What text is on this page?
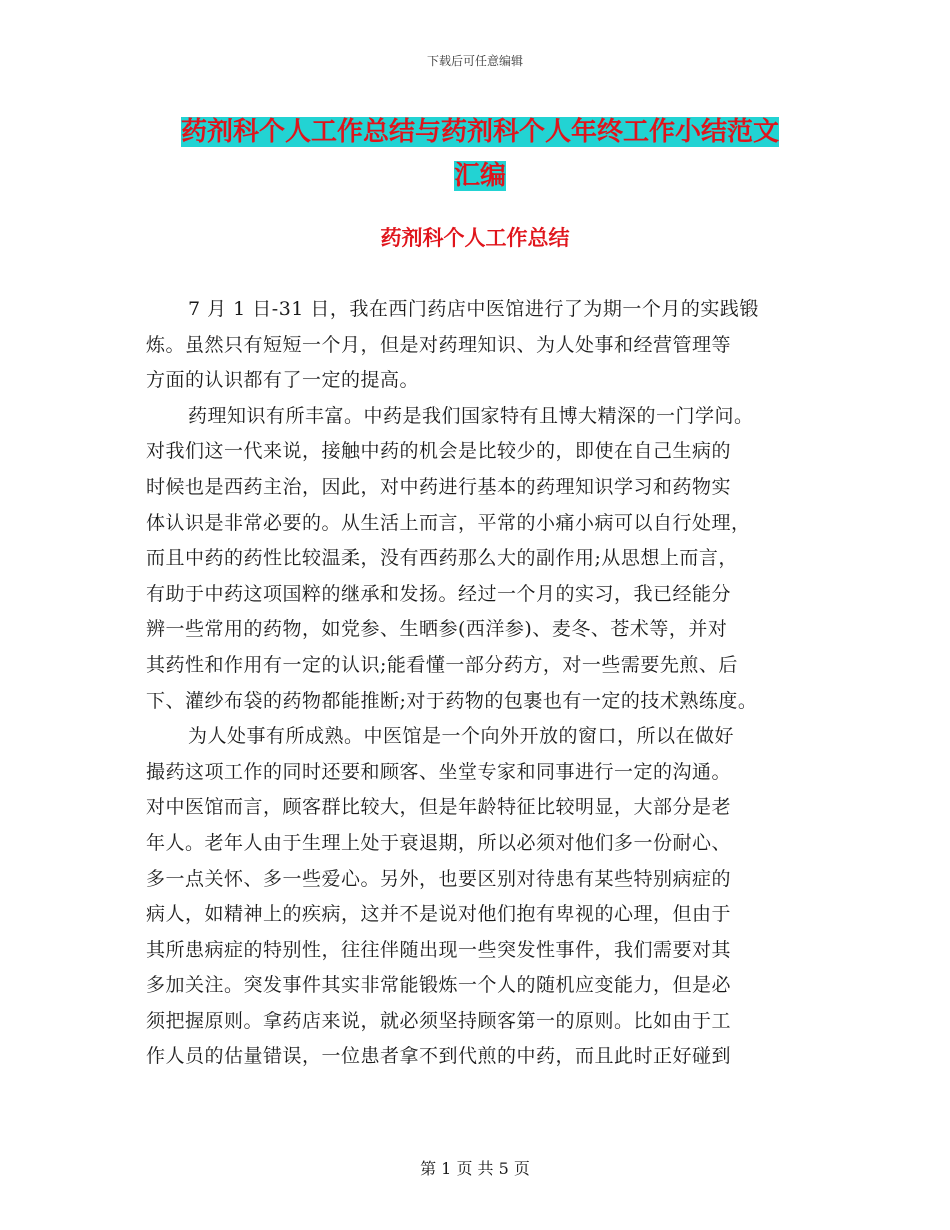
下载后可任意编辑
药剂科个人工作总结与药剂科个人年终工作小结范文
汇编
药剂科个人工作总结
7 月 1 日-31 日，我在西门药店中医馆进行了为期一个月的实践锻
炼。虽然只有短短一个月，但是对药理知识、为人处事和经营管理等
方面的认识都有了一定的提高。
药理知识有所丰富。中药是我们国家特有且博大精深的一门学问。
对我们这一代来说，接触中药的机会是比较少的，即使在自己生病的
时候也是西药主治，因此，对中药进行基本的药理知识学习和药物实
体认识是非常必要的。从生活上而言，平常的小痛小病可以自行处理，
而且中药的药性比较温柔，没有西药那么大的副作用;从思想上而言，
有助于中药这项国粹的继承和发扬。经过一个月的实习，我已经能分
辨一些常用的药物，如党参、生晒参(西洋参)、麦冬、苍术等，并对
其药性和作用有一定的认识;能看懂一部分药方，对一些需要先煎、后
下、灌纱布袋的药物都能推断;对于药物的包裹也有一定的技术熟练度。
为人处事有所成熟。中医馆是一个向外开放的窗口，所以在做好
撮药这项工作的同时还要和顾客、坐堂专家和同事进行一定的沟通。
对中医馆而言，顾客群比较大，但是年龄特征比较明显，大部分是老
年人。老年人由于生理上处于衰退期，所以必须对他们多一份耐心、
多一点关怀、多一些爱心。另外，也要区别对待患有某些特别病症的
病人，如精神上的疾病，这并不是说对他们抱有卑视的心理，但由于
其所患病症的特别性，往往伴随出现一些突发性事件，我们需要对其
多加关注。突发事件其实非常能锻炼一个人的随机应变能力，但是必
须把握原则。拿药店来说，就必须坚持顾客第一的原则。比如由于工
作人员的估量错误，一位患者拿不到代煎的中药，而且此时正好碰到
第 1 页 共 5 页
